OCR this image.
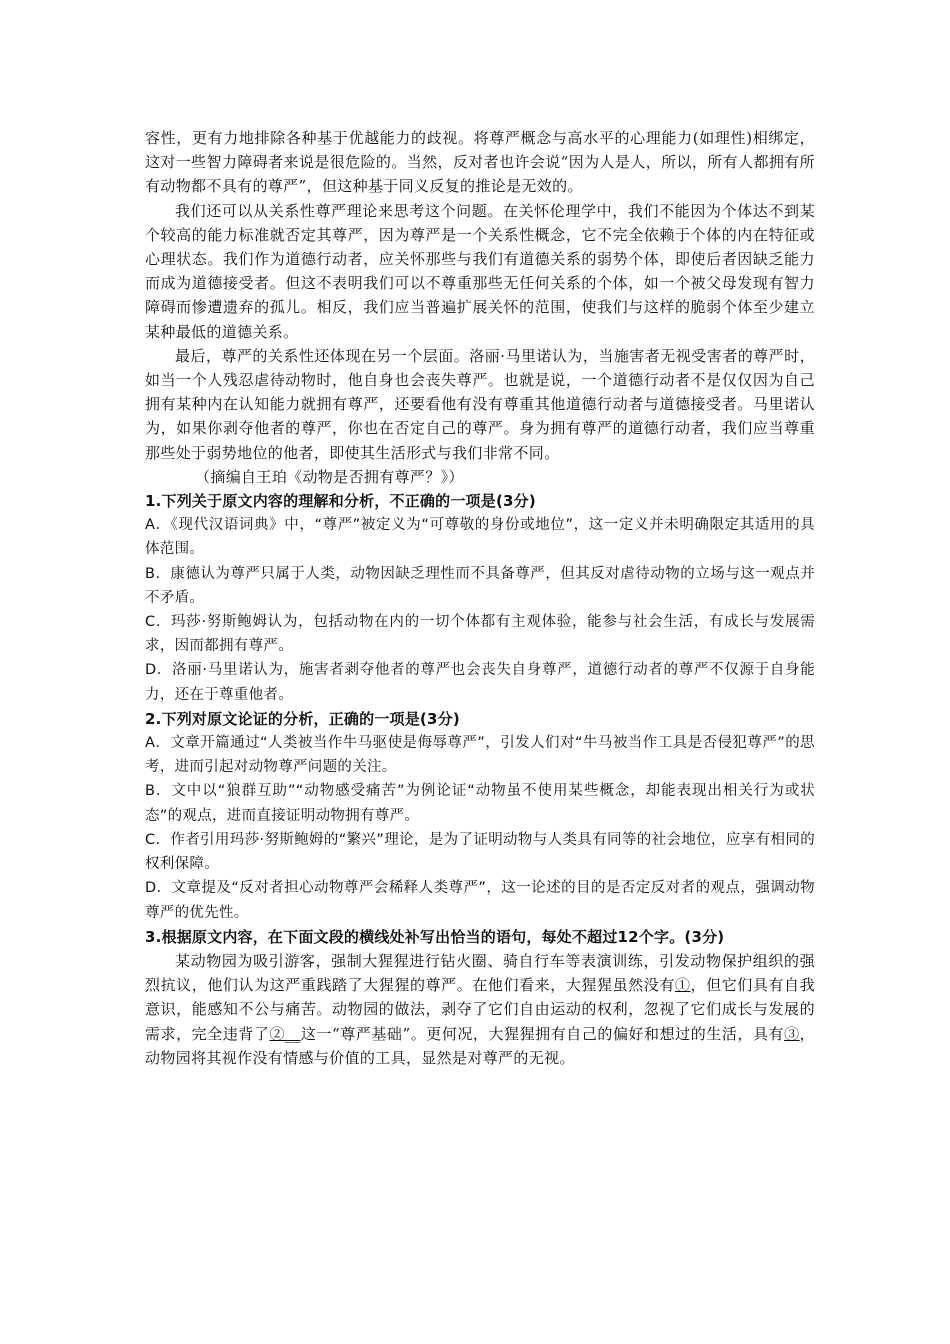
容性，更有力地排除各种基于优越能力的歧视。将尊严概念与高水平的心理能力(如理性)相绑定，这对一些智力障碍者来说是很危险的。当然，反对者也许会说“因为人是人，所以，所有人都拥有所有动物都不具有的尊严”，但这种基于同义反复的推论是无效的。

我们还可以从关系性尊严理论来思考这个问题。在关怀伦理学中，我们不能因为个体达不到某个较高的能力标准就否定其尊严，因为尊严是一个关系性概念，它不完全依赖于个体的内在特征或心理状态。我们作为道德行动者，应关怀那些与我们有道德关系的弱势个体，即使后者因缺乏能力而成为道德接受者。但这不表明我们可以不尊重那些无任何关系的个体，如一个被父母发现有智力障碍而惨遭遗弃的孤儿。相反，我们应当普遍扩展关怀的范围，使我们与这样的脆弱个体至少建立某种最低的道德关系。

最后，尊严的关系性还体现在另一个层面。洛丽·马里诺认为，当施害者无视受害者的尊严时，如当一个人残忍虐待动物时，他自身也会丧失尊严。也就是说，一个道德行动者不是仅仅因为自己拥有某种内在认知能力就拥有尊严，还要看他有没有尊重其他道德行动者与道德接受者。马里诺认为，如果你剥夺他者的尊严，你也在否定自己的尊严。身为拥有尊严的道德行动者，我们应当尊重那些处于弱势地位的他者，即使其生活形式与我们非常不同。

（摘编自王珀《动物是否拥有尊严？》）

1.下列关于原文内容的理解和分析，不正确的一项是(3分)

A．《现代汉语词典》中，“尊严”被定义为“可尊敬的身份或地位”，这一定义并未明确限定其适用的具体范围。

B．康德认为尊严只属于人类，动物因缺乏理性而不具备尊严，但其反对虐待动物的立场与这一观点并不矛盾。

C．玛莎·努斯鲍姆认为，包括动物在内的一切个体都有主观体验，能参与社会生活，有成长与发展需求，因而都拥有尊严。

D．洛丽·马里诺认为，施害者剥夺他者的尊严也会丧失自身尊严，道德行动者的尊严不仅源于自身能力，还在于尊重他者。

2.下列对原文论证的分析，正确的一项是(3分)

A．文章开篇通过“人类被当作牛马驱使是侮辱尊严”，引发人们对“牛马被当作工具是否侵犯尊严”的思考，进而引起对动物尊严问题的关注。

B．文中以“狼群互助”“动物感受痛苦”为例论证“动物虽不使用某些概念，却能表现出相关行为或状态”的观点，进而直接证明动物拥有尊严。

C．作者引用玛莎·努斯鲍姆的“繁兴”理论，是为了证明动物与人类具有同等的社会地位，应享有相同的权利保障。

D．文章提及“反对者担心动物尊严会稀释人类尊严”，这一论述的目的是否定反对者的观点，强调动物尊严的优先性。

3.根据原文内容，在下面文段的横线处补写出恰当的语句，每处不超过12个字。(3分)

某动物园为吸引游客，强制大猩猩进行钻火圈、骑自行车等表演训练，引发动物保护组织的强烈抗议，他们认为这严重践踏了大猩猩的尊严。在他们看来，大猩猩虽然没有①，但它们具有自我意识，能感知不公与痛苦。动物园的做法，剥夺了它们自由运动的权利，忽视了它们成长与发展的需求，完全违背了②__这一“尊严基础”。更何况，大猩猩拥有自己的偏好和想过的生活，具有③，动物园将其视作没有情感与价值的工具，显然是对尊严的无视。
